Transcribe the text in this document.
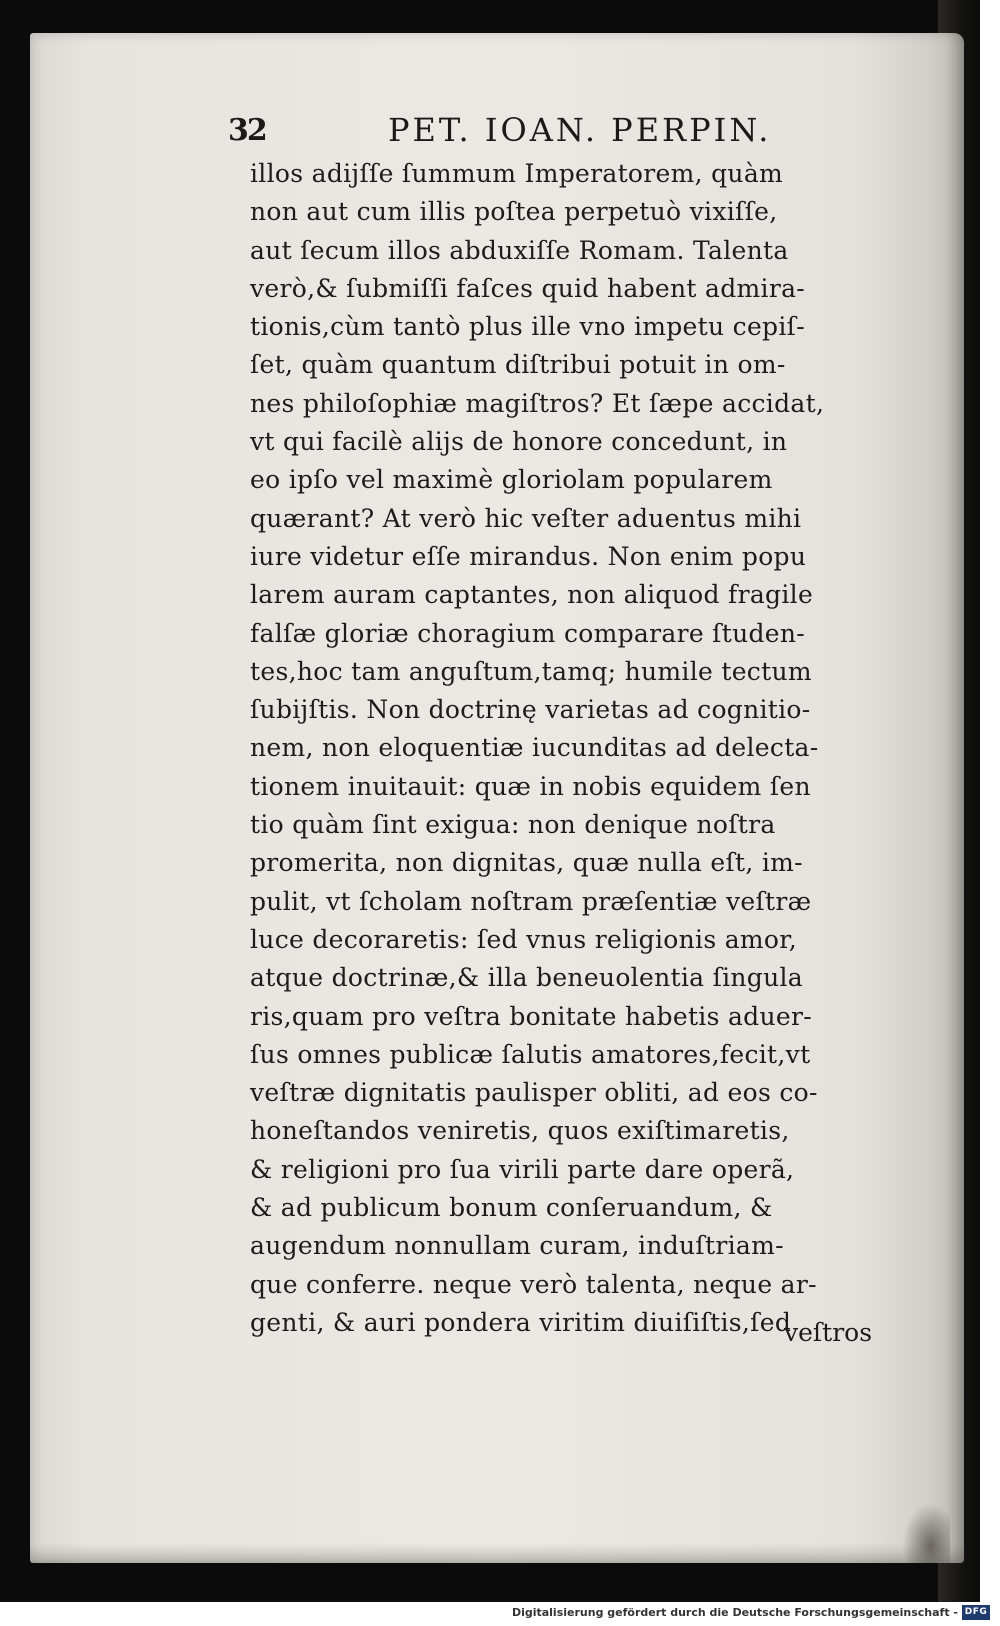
32	PET. IOAN. PERPIN.
illos adijſſe ſummum Imperatorem, quàm
non aut cum illis poſtea perpetuò vixiſſe,
aut ſecum illos abduxiſſe Romam. Talenta
verò,& ſubmiſſi faſces quid habent admira-
tionis,cùm tantò plus ille vno impetu cepiſ-
ſet, quàm quantum diſtribui potuit in om-
nes philoſophiæ magiſtros? Et ſæpe accidat,
vt qui facilè alijs de honore concedunt, in
eo ipſo vel maximè gloriolam popularem
quærant? At verò hic veſter aduentus mihi
iure videtur eſſe mirandus. Non enim popu
larem auram captantes, non aliquod fragile
falſæ gloriæ choragium comparare ſtuden-
tes,hoc tam anguſtum,tamq; humile tectum
ſubijſtis. Non doctrinę varietas ad cognitio-
nem, non eloquentiæ iucunditas ad delecta-
tionem inuitauit: quæ in nobis equidem ſen
tio quàm ſint exigua: non denique noſtra
promerita, non dignitas, quæ nulla eſt, im-
pulit, vt ſcholam noſtram præſentiæ veſtræ
luce decoraretis: ſed vnus religionis amor,
atque doctrinæ,& illa beneuolentia ſingula
ris,quam pro veſtra bonitate habetis aduer-
ſus omnes publicæ ſalutis amatores,fecit,vt
veſtræ dignitatis paulisper obliti, ad eos co-
honeſtandos veniretis, quos exiſtimaretis,
& religioni pro ſua virili parte dare operã,
& ad publicum bonum conſeruandum, &
augendum nonnullam curam, induſtriam-
que conferre. neque verò talenta, neque ar-
genti, & auri pondera viritim diuiſiſtis,ſed
veſtros
Digitalisierung gefördert durch die Deutsche Forschungsgemeinschaft - DFG
